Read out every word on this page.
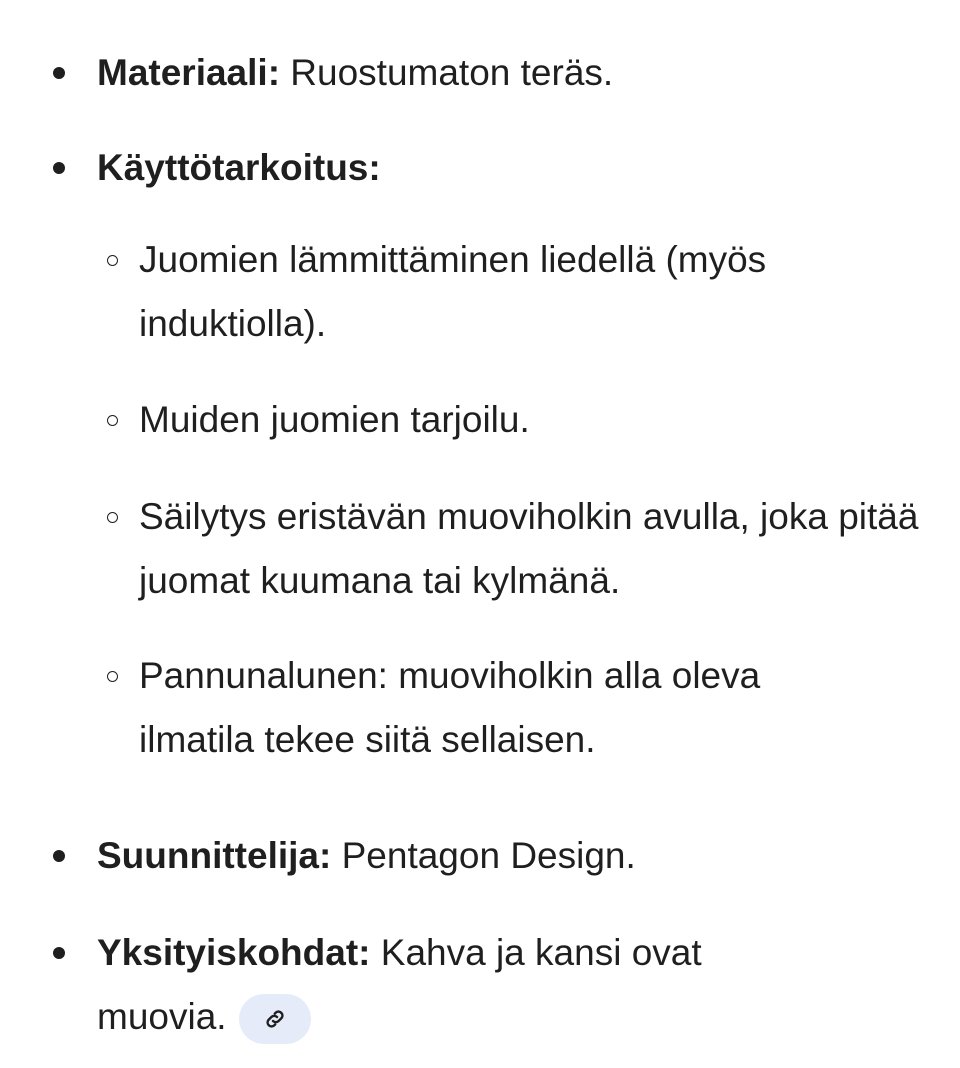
Materiaali: Ruostumaton teräs.
Käyttötarkoitus:
Juomien lämmittäminen liedellä (myös induktiolla).
Muiden juomien tarjoilu.
Säilytys eristävän muoviholkin avulla, joka pitää juomat kuumana tai kylmänä.
Pannunalunen: muoviholkin alla oleva ilmatila tekee siitä sellaisen.
Suunnittelija: Pentagon Design.
Yksityiskohdat: Kahva ja kansi ovat muovia.
